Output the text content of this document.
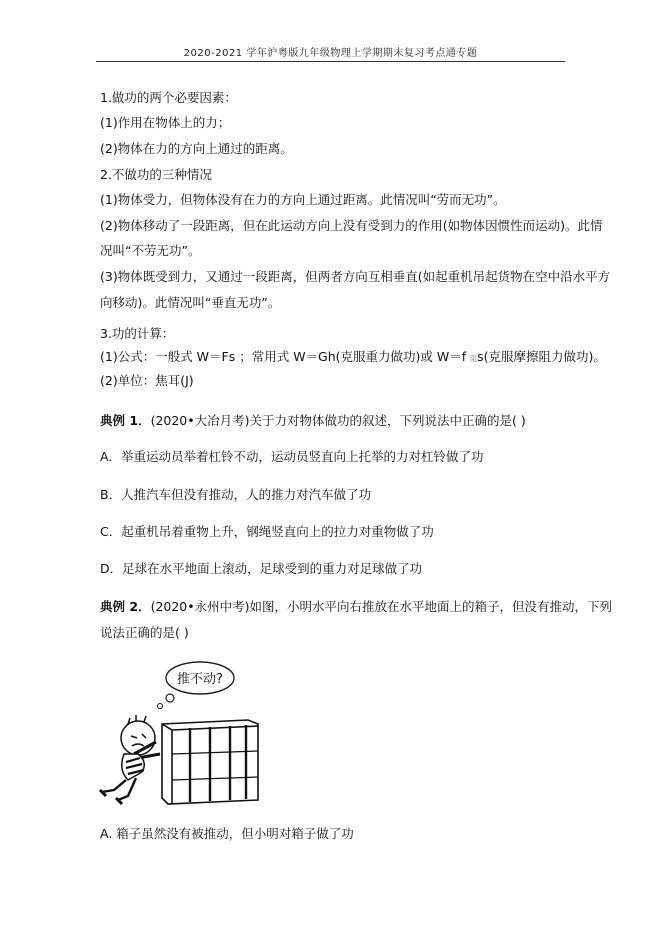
2020-2021 学年沪粤版九年级物理上学期期末复习考点通专题
1.做功的两个必要因素：
(1)作用在物体上的力；
(2)物体在力的方向上通过的距离。
2.不做功的三种情况
(1)物体受力，但物体没有在力的方向上通过距离。此情况叫“劳而无功”。
(2)物体移动了一段距离，但在此运动方向上没有受到力的作用(如物体因惯性而运动)。此情
况叫“不劳无功”。
(3)物体既受到力，又通过一段距离，但两者方向互相垂直(如起重机吊起货物在空中沿水平方
向移动)。此情况叫“垂直无功”。
3.功的计算：
(1)公式：一般式 W＝Fs ；常用式 W＝Gh(克服重力做功)或 W＝f 阻s(克服摩擦阻力做功)。
(2)单位：焦耳(J)
典例 1．(2020•大冶月考)关于力对物体做功的叙述，下列说法中正确的是( )
A．举重运动员举着杠铃不动，运动员竖直向上托举的力对杠铃做了功
B．人推汽车但没有推动，人的推力对汽车做了功
C．起重机吊着重物上升，钢绳竖直向上的拉力对重物做了功
D．足球在水平地面上滚动，足球受到的重力对足球做了功
典例 2．(2020•永州中考)如图，小明水平向右推放在水平地面上的箱子，但没有推动，下列
说法正确的是( )
推不动?
A. 箱子虽然没有被推动，但小明对箱子做了功
